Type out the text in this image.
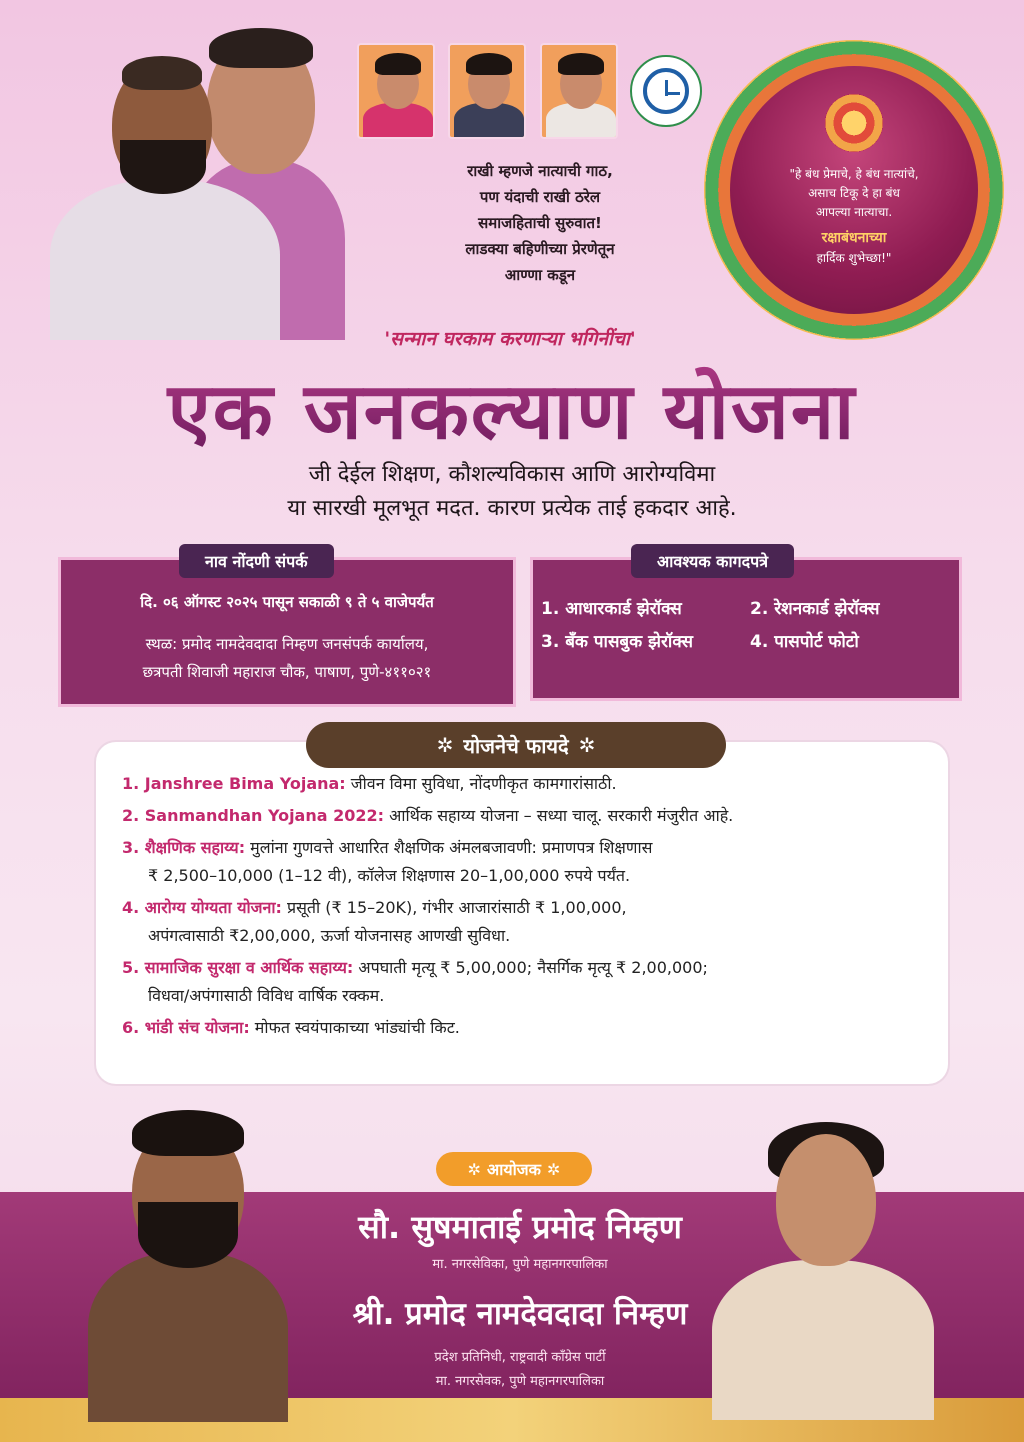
"हे बंध प्रेमाचे, हे बंध नात्यांचे,
असाच टिकू दे हा बंध
आपल्या नात्याचा.
रक्षाबंधनाच्या
हार्दिक शुभेच्छा!"
राखी म्हणजे नात्याची गाठ,
पण यंदाची राखी ठरेल
समाजहिताची सुरुवात!
लाडक्या बहिणीच्या प्रेरणेतून
आण्णा कडून
'सन्मान घरकाम करणाऱ्या भगिनींचा'
एक जनकल्याण योजना
जी देईल शिक्षण, कौशल्यविकास आणि आरोग्यविमा
या सारखी मूलभूत मदत. कारण प्रत्येक ताई हकदार आहे.
नाव नोंदणी संपर्क
दि. ०६ ऑगस्ट २०२५ पासून सकाळी ९ ते ५ वाजेपर्यंत
स्थळ: प्रमोद नामदेवदादा निम्हण जनसंपर्क कार्यालय,
छत्रपती शिवाजी महाराज चौक, पाषाण, पुणे-४११०२१
आवश्यक कागदपत्रे
1. आधारकार्ड झेरॉक्स	2. रेशनकार्ड झेरॉक्स
3. बँक पासबुक झेरॉक्स	4. पासपोर्ट फोटो
1. Janshree Bima Yojana: जीवन विमा सुविधा, नोंदणीकृत कामगारांसाठी.
2. Sanmandhan Yojana 2022: आर्थिक सहाय्य योजना – सध्या चालू. सरकारी मंजुरीत आहे.
3. शैक्षणिक सहाय्य: मुलांना गुणवत्ते आधारित शैक्षणिक अंमलबजावणी: प्रमाणपत्र शिक्षणास
₹ 2,500–10,000 (1–12 वी), कॉलेज शिक्षणास 20–1,00,000 रुपये पर्यंत.
4. आरोग्य योग्यता योजना: प्रसूती (₹ 15–20K), गंभीर आजारांसाठी ₹ 1,00,000,
अपंगत्वासाठी ₹2,00,000, ऊर्जा योजनासह आणखी सुविधा.
5. सामाजिक सुरक्षा व आर्थिक सहाय्य: अपघाती मृत्यू ₹ 5,00,000; नैसर्गिक मृत्यू ₹ 2,00,000;
विधवा/अपंगासाठी विविध वार्षिक रक्कम.
6. भांडी संच योजना: मोफत स्वयंपाकाच्या भांड्यांची किट.
✲ योजनेचे फायदे ✲
✲ आयोजक ✲
सौ. सुषमाताई प्रमोद निम्हण
मा. नगरसेविका, पुणे महानगरपालिका
श्री. प्रमोद नामदेवदादा निम्हण
प्रदेश प्रतिनिधी, राष्ट्रवादी कॉंग्रेस पार्टी
मा. नगरसेवक, पुणे महानगरपालिका
